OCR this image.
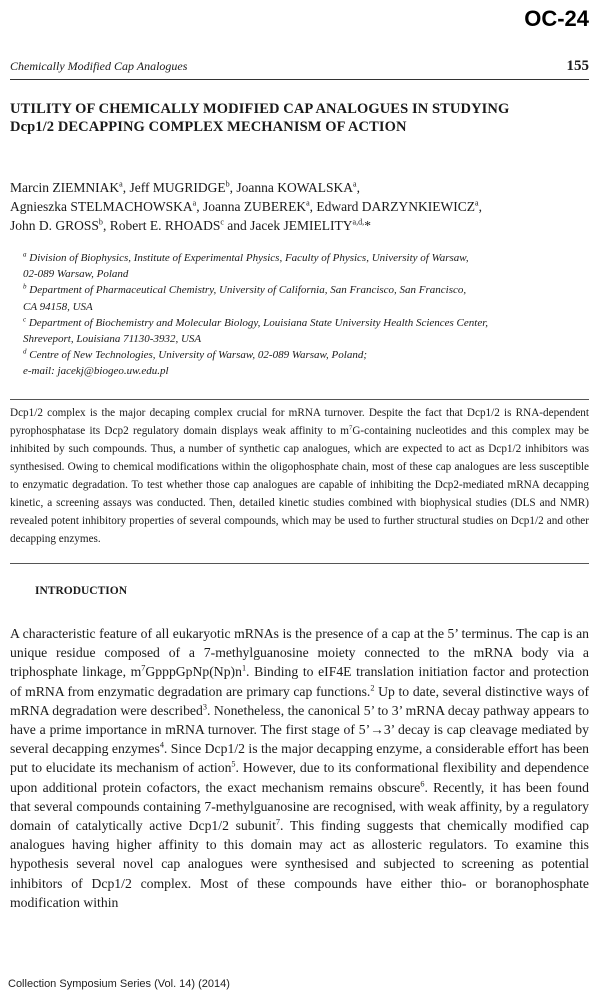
OC-24
Chemically Modified Cap Analogues	155
UTILITY OF CHEMICALLY MODIFIED CAP ANALOGUES IN STUDYING
Dcp1/2 DECAPPING COMPLEX MECHANISM OF ACTION
Marcin ZIEMNIAK$^a$, Jeff MUGRIDGE$^b$, Joanna KOWALSKA$^a$,
Agnieszka STELMACHOWSKA$^a$, Joanna ZUBEREK$^a$, Edward DARZYNKIEWICZ$^a$,
John D. GROSS$^b$, Robert E. RHOADS$^c$ and Jacek $JEMIELITY^{a,d,}*$

$^a$ Division of Biophysics, Institute of Experimental Physics, Faculty of Physics, University of Warsaw,
02-089 Warsaw, Poland

$^b$ Department of Pharmaceutical Chemistry, University of California, San Francisco, San Francisco,
CA 94158, USA

$^c$ Department of Biochemistry and Molecular Biology, Louisiana State University Health Sciences Center,
Shreveport, Louisiana 71130-3932, USA

$^d$ Centre of New Technologies, University of Warsaw, 02-089 Warsaw, Poland;
e-mail: jacekj@biogeo.uw.edu.pl

Dcp1/2 complex is the major decaping complex crucial for mRNA turnover. Despite the fact that Dcp1/2 is RNA-dependent pyrophosphatase its Dcp2 regulatory domain displays weak affinity to $m^7G$-containing nucleotides and this complex may be inhibited by such compounds. Thus, a number of synthetic cap analogues, which are expected to act as Dcp1/2 inhibitors was synthesised. Owing to chemical modifications within the oligophosphate chain, most of these cap analogues are less susceptible to enzymatic degradation. To test whether those cap analogues are capable of inhibiting the Dcp2-mediated mRNA decapping kinetic, a screening assays was conducted. Then, detailed kinetic studies combined with biophysical studies (DLS and NMR) revealed potent inhibitory properties of several compounds, which may be used to further structural studies on Dcp1/2 and other decapping enzymes.

INTRODUCTION

A characteristic feature of all eukaryotic mRNAs is the presence of a cap at the 5’ terminus. The cap is an unique residue composed of a 7-methylguanosine moiety connected to the mRNA body via a triphosphate linkage, $m^7GpppGpNp(Np)n^1$. Binding to eIF4E translation initiation factor and protection of mRNA from enzymatic degradation are primary cap functions.$^2$ Up to date, several distinctive ways of mRNA degradation were described$^3$. Nonetheless, the canonical 5’ to 3’ mRNA decay pathway appears to have a prime importance in mRNA turnover. The first stage of 5’→3’ decay is cap cleavage mediated by several decapping enzymes$^4$. Since Dcp1/2 is the major decapping enzyme, a considerable effort has been put to elucidate its mechanism of action$^5$. However, due to its conformational flexibility and dependence upon additional protein cofactors, the exact mechanism remains obscure$^6$. Recently, it has been found that several compounds containing 7-methylguanosine are recognised, with weak affinity, by a regulatory domain of catalytically active Dcp1/2 subunit$^7$. This finding suggests that chemically modified cap analogues having higher affinity to this domain may act as allosteric regulators. To examine this hypothesis several novel cap analogues were synthesised and subjected to screening as potential inhibitors of Dcp1/2 complex. Most of these compounds have either thio- or boranophosphate modification within

Collection Symposium Series (Vol. 14) (2014)
